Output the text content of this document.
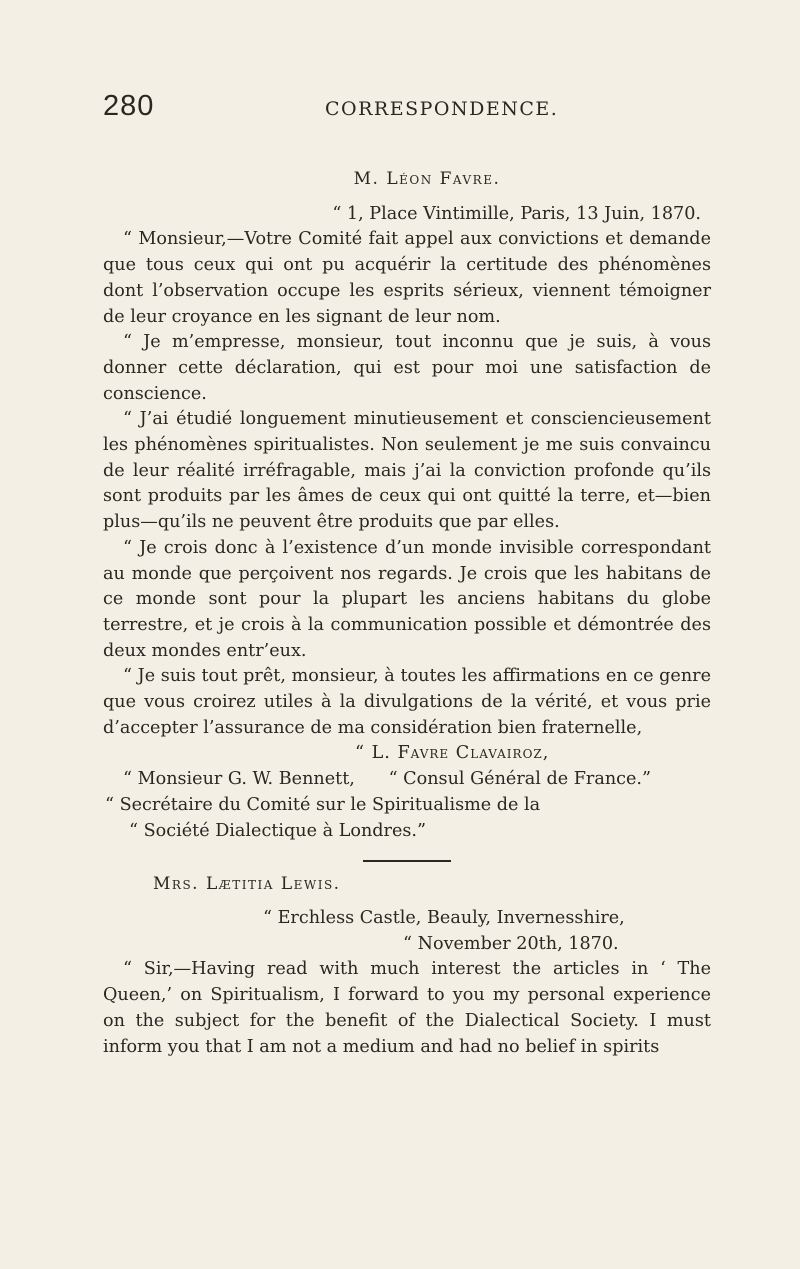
280	CORRESPONDENCE.

M. Léon Favre.

“ 1, Place Vintimille, Paris, 13 Juin, 1870.

“ Monsieur,—Votre Comité fait appel aux convictions et demande que tous ceux qui ont pu acquérir la certitude des phénomènes dont l’observation occupe les esprits sérieux, viennent témoigner de leur croyance en les signant de leur nom.

“ Je m’empresse, monsieur, tout inconnu que je suis, à vous donner cette déclaration, qui est pour moi une satisfaction de conscience.

“ J’ai étudié longuement minutieusement et consciencieusement les phénomènes spiritualistes. Non seulement je me suis convaincu de leur réalité irréfragable, mais j’ai la conviction profonde qu’ils sont produits par les âmes de ceux qui ont quitté la terre, et—bien plus—qu’ils ne peuvent être produits que par elles.

“ Je crois donc à l’existence d’un monde invisible correspondant au monde que perçoivent nos regards. Je crois que les habitans de ce monde sont pour la plupart les anciens habitans du globe terrestre, et je crois à la communication possible et démontrée des deux mondes entr’eux.

“ Je suis tout prêt, monsieur, à toutes les affirmations en ce genre que vous croirez utiles à la divulgations de la vérité, et vous prie d’accepter l’assurance de ma considération bien fraternelle,

“ L. Favre Clavairoz,

“ Monsieur G. W. Bennett, “ Consul Général de France.”

“ Secrétaire du Comité sur le Spiritualisme de la

“ Société Dialectique à Londres.”

Mrs. Lætitia Lewis.

“ Erchless Castle, Beauly, Invernesshire,

“ November 20th, 1870.

“ Sir,—Having read with much interest the articles in ‘ The Queen,’ on Spiritualism, I forward to you my personal experience on the subject for the benefit of the Dialectical Society. I must inform you that I am not a medium and had no belief in spirits
